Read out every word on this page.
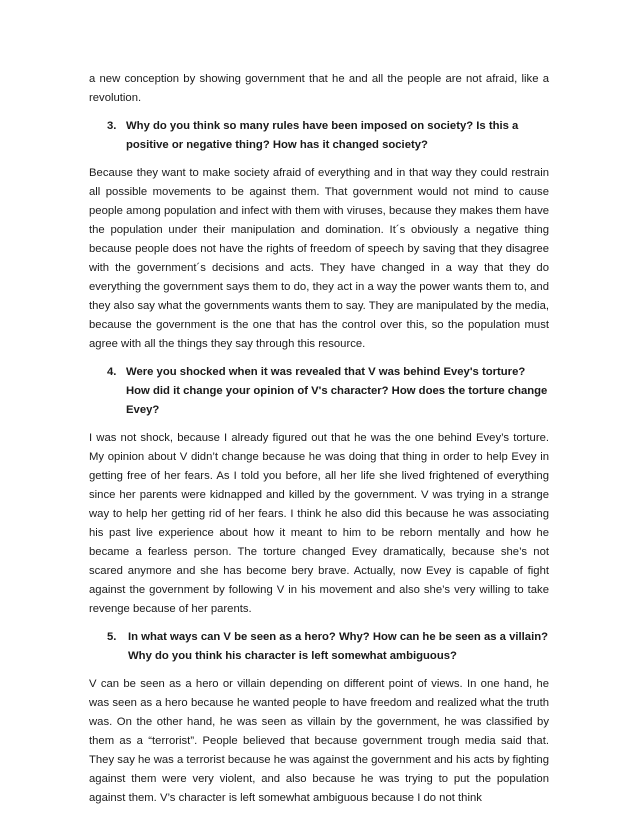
a new conception by showing government that he and all the people are not afraid, like a revolution.

3. Why do you think so many rules have been imposed on society? Is this a positive or negative thing? How has it changed society?

Because they want to make society afraid of everything and in that way they could restrain all possible movements to be against them. That government would not mind to cause people among population and infect with them with viruses, because they makes them have the population under their manipulation and domination. It´s obviously a negative thing because people does not have the rights of freedom of speech by saving that they disagree with the government´s decisions and acts. They have changed in a way that they do everything the government says them to do, they act in a way the power wants them to, and they also say what the governments wants them to say. They are manipulated by the media, because the government is the one that has the control over this, so the population must agree with all the things they say through this resource.

4. Were you shocked when it was revealed that V was behind Evey's torture? How did it change your opinion of V's character? How does the torture change Evey?

I was not shock, because I already figured out that he was the one behind Evey’s torture. My opinion about V didn’t change because he was doing that thing in order to help Evey in getting free of her fears. As I told you before, all her life she lived frightened of everything since her parents were kidnapped and killed by the government. V was trying in a strange way to help her getting rid of her fears. I think he also did this because he was associating his past live experience about how it meant to him to be reborn mentally and how he became a fearless person. The torture changed Evey dramatically, because she’s not scared anymore and she has become bery brave. Actually, now Evey is capable of fight against the government by following V in his movement and also she’s very willing to take revenge because of her parents.

5.	In what ways can V be seen as a hero? Why? How can he be seen as a villain? Why do you think his character is left somewhat ambiguous?

V can be seen as a hero or villain depending on different point of views. In one hand, he was seen as a hero because he wanted people to have freedom and realized what the truth was. On the other hand, he was seen as villain by the government, he was classified by them as a “terrorist”. People believed that because government trough media said that. They say he was a terrorist because he was against the government and his acts by fighting against them were very violent, and also because he was trying to put the population against them. V’s character is left somewhat ambiguous because I do not think
